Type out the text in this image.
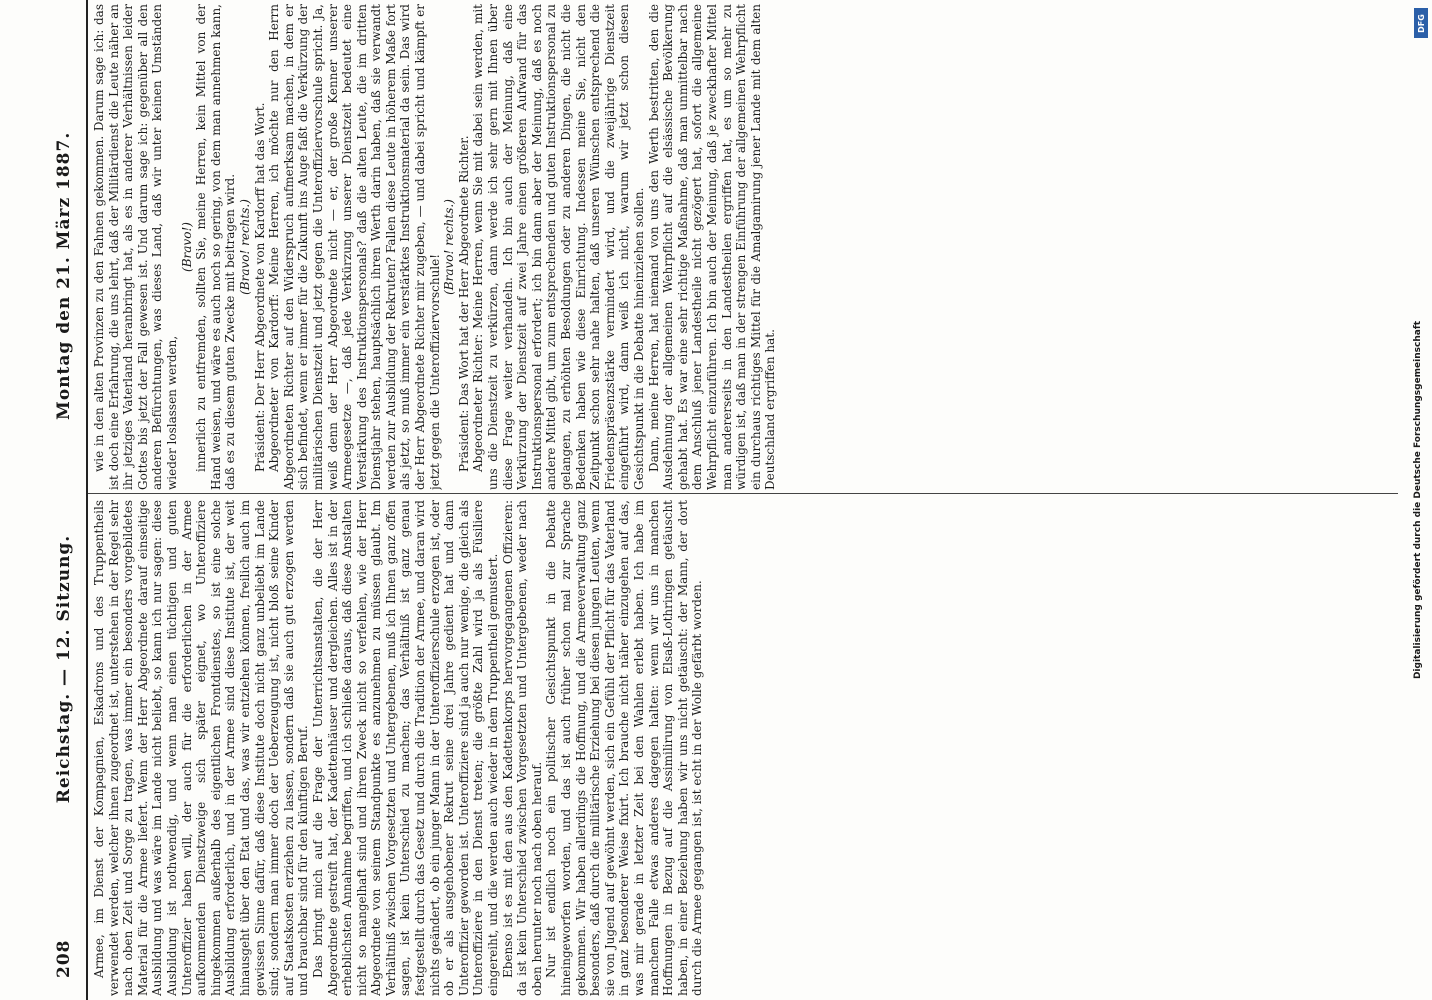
208
Reichstag. — 12. Sitzung.
Montag den 21. März 1887.

Armee, im Dienst der Kompagnien, Eskadrons und des Truppentheils verwendet werden, welcher ihnen zugeordnet ist, unterstehen in der Regel sehr nach oben Zeit und Sorge zu tragen, was immer ein besonders vorgebildetes Material für die Armee liefert. Wenn der Herr Abgeordnete darauf einseitige Ausbildung und was wäre im Lande nicht beliebt, so kann ich nur sagen: diese Ausbildung ist nothwendig, und wenn man einen tüchtigen und guten Unteroffizier haben will, der auch für die erforderlichen in der Armee aufkommenden Dienstzweige sich später eignet, wo Unteroffiziere hingekommen außerhalb des eigentlichen Frontdienstes, so ist eine solche Ausbildung erforderlich, und in der Armee sind diese Institute ist, der weit hinausgeht über den Etat und das, was wir entziehen können, freilich auch im gewissen Sinne dafür, daß diese Institute doch nicht ganz unbeliebt im Lande sind; sondern man immer doch der Ueberzeugung ist, nicht bloß seine Kinder auf Staatskosten erziehen zu lassen, sondern daß sie auch gut erzogen werden und brauchbar sind für den künftigen Beruf. Das bringt mich auf die Frage der Unterrichtsanstalten, die der Herr Abgeordnete gestreift hat, der Kadettenhäuser und dergleichen. Alles ist in der erheblichsten Annahme begriffen, und ich schließe daraus, daß diese Anstalten nicht so mangelhaft sind und ihren Zweck nicht so verfehlen, wie der Herr Abgeordnete von seinem Standpunkte es anzunehmen zu müssen glaubt. Im Verhältniß zwischen Vorgesetzten und Untergebenen, muß ich Ihnen ganz offen sagen, ist kein Unterschied zu machen; das Verhältniß ist ganz genau festgestellt durch das Gesetz und durch die Tradition der Armee, und daran wird nichts geändert, ob ein junger Mann in der Unteroffizierschule erzogen ist, oder ob er als ausgehobener Rekrut seine drei Jahre gedient hat und dann Unteroffizier geworden ist. Unteroffiziere sind ja auch nur wenige, die gleich als Unteroffiziere in den Dienst treten; die größte Zahl wird ja als Füsiliere eingereiht, und die werden auch wieder in dem Truppentheil gemustert. Ebenso ist es mit den aus den Kadettenkorps hervorgegangenen Offizieren: da ist kein Unterschied zwischen Vorgesetzten und Untergebenen, weder nach oben herunter noch nach oben herauf. Nur ist endlich noch ein politischer Gesichtspunkt in die Debatte hineingeworfen worden, und das ist auch früher schon mal zur Sprache gekommen. Wir haben allerdings die Hoffnung, und die Armeeverwaltung ganz besonders, daß durch die militärische Erziehung bei diesen jungen Leuten, wenn sie von Jugend auf gewöhnt werden, sich ein Gefühl der Pflicht für das Vaterland in ganz besonderer Weise fixirt. Ich brauche nicht näher einzugehen auf das, was mir gerade in letzter Zeit bei den Wahlen erlebt haben. Ich habe im manchem Falle etwas anderes dagegen halten: wenn wir uns in manchen Hoffnungen in Bezug auf die Assimilirung von Elsaß-Lothringen getäuscht haben, in einer Beziehung haben wir uns nicht getäuscht: der Mann, der dort durch die Armee gegangen ist, ist echt in der Wolle gefärbt worden.

wie in den alten Provinzen zu den Fahnen gekommen. Darum sage ich: das ist doch eine Erfahrung, die uns lehrt, daß der Militärdienst die Leute näher an ihr jetziges Vaterland heranbringt hat, als es in anderer Verhältnissen leider Gottes bis jetzt der Fall gewesen ist. Und darum sage ich: gegenüber all den anderen Befürchtungen, was dieses Land, daß wir unter keinen Umständen wieder loslassen werden,

(Bravo!) innerlich zu entfremden, sollten Sie, meine Herren, kein Mittel von der Hand weisen, und wäre es auch noch so gering, von dem man annehmen kann, daß es zu diesem guten Zwecke mit beitragen wird. (Bravo! rechts.) Präsident: Der Herr Abgeordnete von Kardorff hat das Wort. Abgeordneter von Kardorff: Meine Herren, ich möchte nur den Herrn Abgeordneten Richter auf den Widerspruch aufmerksam machen, in dem er sich befindet, wenn er immer für die Zukunft ins Auge faßt die Verkürzung der militärischen Dienstzeit und jetzt gegen die Unteroffiziervorschule spricht. Ja, weiß denn der Herr Abgeordnete nicht — er, der große Kenner unserer Armeegesetze —, daß jede Verkürzung unserer Dienstzeit bedeutet eine Verstärkung des Instruktionspersonals? daß die alten Leute, die im dritten Dienstjahr stehen, hauptsächlich ihren Werth darin haben, daß sie verwandt werden zur Ausbildung der Rekruten? Fallen diese Leute in höherem Maße fort als jetzt, so muß immer ein verstärktes Instruktionsmaterial da sein. Das wird der Herr Abgeordnete Richter mir zugeben, — und dabei spricht und kämpft er jetzt gegen die Unteroffiziervorschule!

(Bravo! rechts.) Präsident: Das Wort hat der Herr Abgeordnete Richter. Abgeordneter Richter: Meine Herren, wenn Sie mit dabei sein werden, mit uns die Dienstzeit zu verkürzen, dann werde ich sehr gern mit Ihnen über diese Frage weiter verhandeln. Ich bin auch der Meinung, daß eine Verkürzung der Dienstzeit auf zwei Jahre einen größeren Aufwand für das Instruktionspersonal erfordert; ich bin dann aber der Meinung, daß es noch andere Mittel gibt, um zum entsprechenden und guten Instruktionspersonal zu gelangen, zu erhöhten Besoldungen oder zu anderen Dingen, die nicht die Bedenken haben wie diese Einrichtung. Indessen meine Sie, nicht den Zeitpunkt schon sehr nahe halten, daß unseren Wünschen entsprechend die Friedenspräsenzstärke vermindert wird, und die zweijährige Dienstzeit eingeführt wird, dann weiß ich nicht, warum wir jetzt schon diesen Gesichtspunkt in die Debatte hineinziehen sollen. Dann, meine Herren, hat niemand von uns den Werth bestritten, den die Ausdehnung der allgemeinen Wehrpflicht auf die elsässische Bevölkerung gehabt hat. Es war eine sehr richtige Maßnahme, daß man unmittelbar nach dem Anschluß jener Landestheile nicht gezögert hat, sofort die allgemeine Wehrpflicht einzuführen. Ich bin auch der Meinung, daß je zweckhafter Mittel man andererseits in den Landestheilen ergriffen hat, es um so mehr zu würdigen ist, daß man in der strengen Einführung der allgemeinen Wehrpflicht ein durchaus richtiges Mittel für die Amalgamirung jener Lande mit dem alten Deutschland ergriffen hat.	Digitalisierung gefördert durch die Deutsche Forschungsgemeinschaft
DFG
